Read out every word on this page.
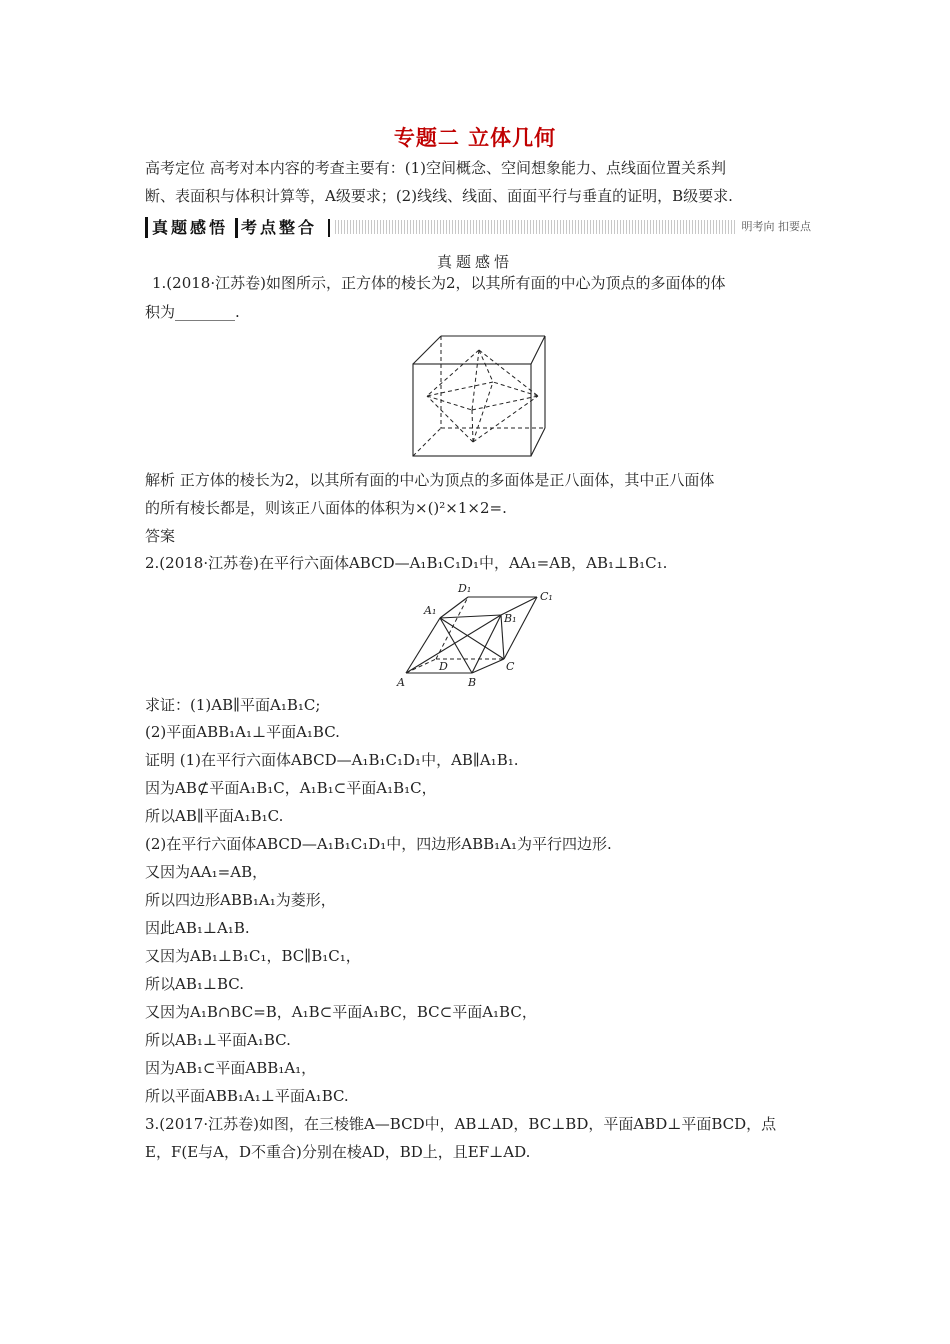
专题二 立体几何
高考定位 高考对本内容的考查主要有：(1)空间概念、空间想象能力、点线面位置关系判
断、表面积与体积计算等，A级要求；(2)线线、线面、面面平行与垂直的证明，B级要求.
真题感悟 考点整合	明考向 扣要点
真题感悟
1.(2018·江苏卷)如图所示，正方体的棱长为2，以其所有面的中心为顶点的多面体的体
积为________.
解析 正方体的棱长为2，以其所有面的中心为顶点的多面体是正八面体，其中正八面体
的所有棱长都是，则该正八面体的体积为×()²×1×2=.
答案
2.(2018·江苏卷)在平行六面体ABCD—A₁B₁C₁D₁中，AA₁=AB，AB₁⊥B₁C₁.
D₁
C₁
A₁
B₁
D	C
A	B
求证：(1)AB∥平面A₁B₁C;
(2)平面ABB₁A₁⊥平面A₁BC.
证明 (1)在平行六面体ABCD—A₁B₁C₁D₁中，AB∥A₁B₁.
因为AB⊄平面A₁B₁C，A₁B₁⊂平面A₁B₁C，
所以AB∥平面A₁B₁C.
(2)在平行六面体ABCD—A₁B₁C₁D₁中，四边形ABB₁A₁为平行四边形.
又因为AA₁=AB，
所以四边形ABB₁A₁为菱形，
因此AB₁⊥A₁B.
又因为AB₁⊥B₁C₁，BC∥B₁C₁，
所以AB₁⊥BC.
又因为A₁B∩BC=B，A₁B⊂平面A₁BC，BC⊂平面A₁BC，
所以AB₁⊥平面A₁BC.
因为AB₁⊂平面ABB₁A₁，
所以平面ABB₁A₁⊥平面A₁BC.
3.(2017·江苏卷)如图，在三棱锥A—BCD中，AB⊥AD，BC⊥BD，平面ABD⊥平面BCD，点
E，F(E与A，D不重合)分别在棱AD，BD上，且EF⊥AD.
